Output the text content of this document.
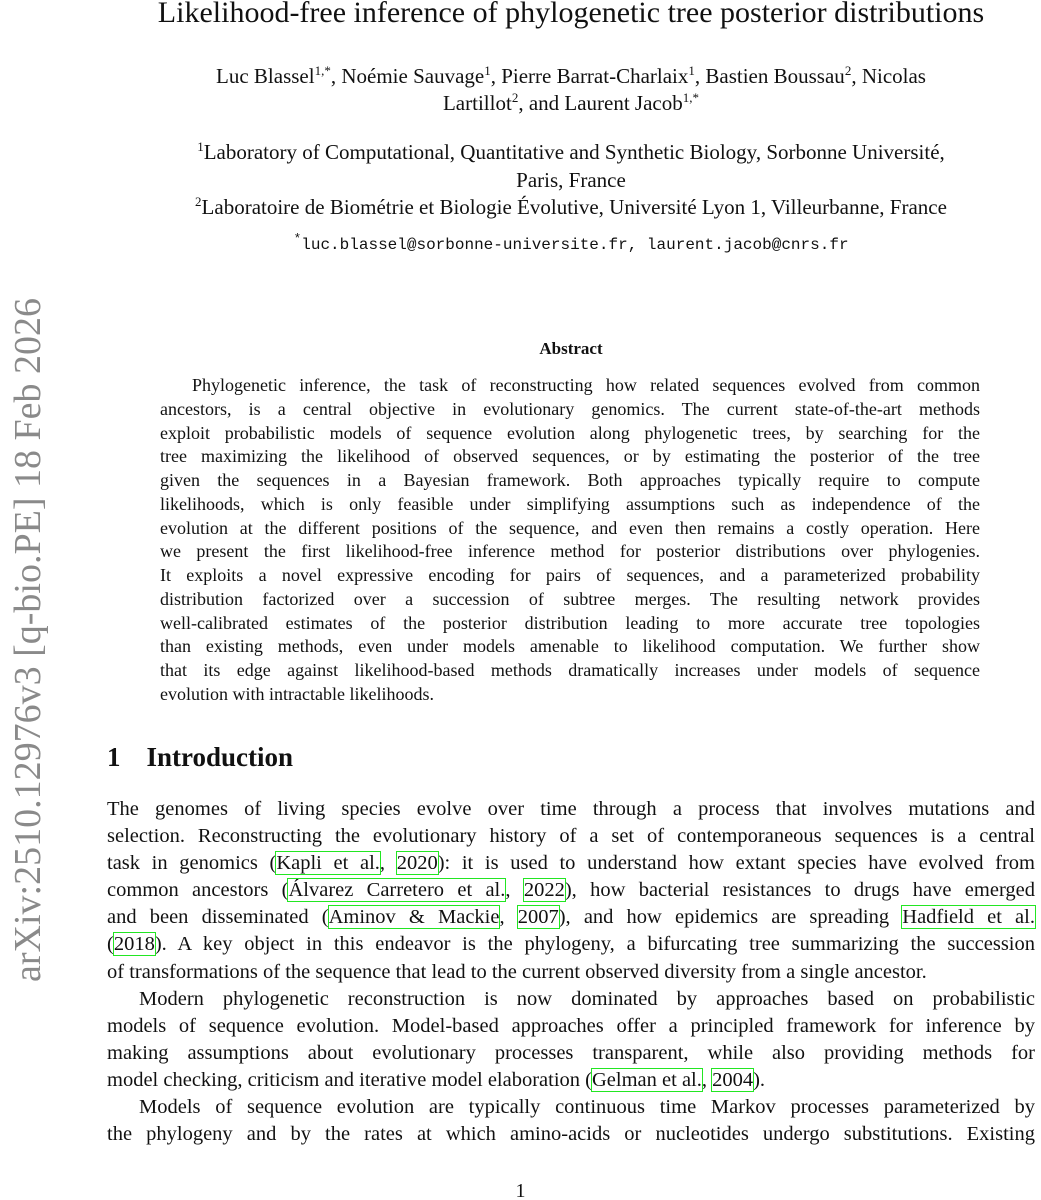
arXiv:2510.12976v3 [q-bio.PE] 18 Feb 2026
Likelihood-free inference of phylogenetic tree posterior distributions
Luc Blassel$^{1,*}$, Noémie Sauvage$^1$, Pierre Barrat-Charlaix$^1$, Bastien Boussau$^2$, Nicolas
Lartillot$^2$, and Laurent Jacob$^{1,*}$
$^1$Laboratory of Computational, Quantitative and Synthetic Biology, Sorbonne Université,
Paris, France
$^2$Laboratoire de Biométrie et Biologie Évolutive, Université Lyon 1, Villeurbanne, France
*luc.blassel@sorbonne-universite.fr, laurent.jacob@cnrs.fr
Abstract
Phylogenetic inference, the task of reconstructing how related sequences evolved from common
ancestors, is a central objective in evolutionary genomics. The current state-of-the-art methods
exploit probabilistic models of sequence evolution along phylogenetic trees, by searching for the
tree maximizing the likelihood of observed sequences, or by estimating the posterior of the tree
given the sequences in a Bayesian framework. Both approaches typically require to compute
likelihoods, which is only feasible under simplifying assumptions such as independence of the
evolution at the different positions of the sequence, and even then remains a costly operation. Here
we present the first likelihood-free inference method for posterior distributions over phylogenies.
It exploits a novel expressive encoding for pairs of sequences, and a parameterized probability
distribution factorized over a succession of subtree merges. The resulting network provides
well-calibrated estimates of the posterior distribution leading to more accurate tree topologies
than existing methods, even under models amenable to likelihood computation. We further show
that its edge against likelihood-based methods dramatically increases under models of sequence
evolution with intractable likelihoods.
1 Introduction
The genomes of living species evolve over time through a process that involves mutations and
selection. Reconstructing the evolutionary history of a set of contemporaneous sequences is a central
task in genomics (Kapli et al., 2020): it is used to understand how extant species have evolved from
common ancestors (Álvarez Carretero et al., 2022), how bacterial resistances to drugs have emerged
and been disseminated (Aminov & Mackie, 2007), and how epidemics are spreading Hadfield et al.
(2018). A key object in this endeavor is the phylogeny, a bifurcating tree summarizing the succession
of transformations of the sequence that lead to the current observed diversity from a single ancestor.
Modern phylogenetic reconstruction is now dominated by approaches based on probabilistic
models of sequence evolution. Model-based approaches offer a principled framework for inference by
making assumptions about evolutionary processes transparent, while also providing methods for
model checking, criticism and iterative model elaboration (Gelman et al., 2004).
Models of sequence evolution are typically continuous time Markov processes parameterized by
the phylogeny and by the rates at which amino-acids or nucleotides undergo substitutions. Existing
1
